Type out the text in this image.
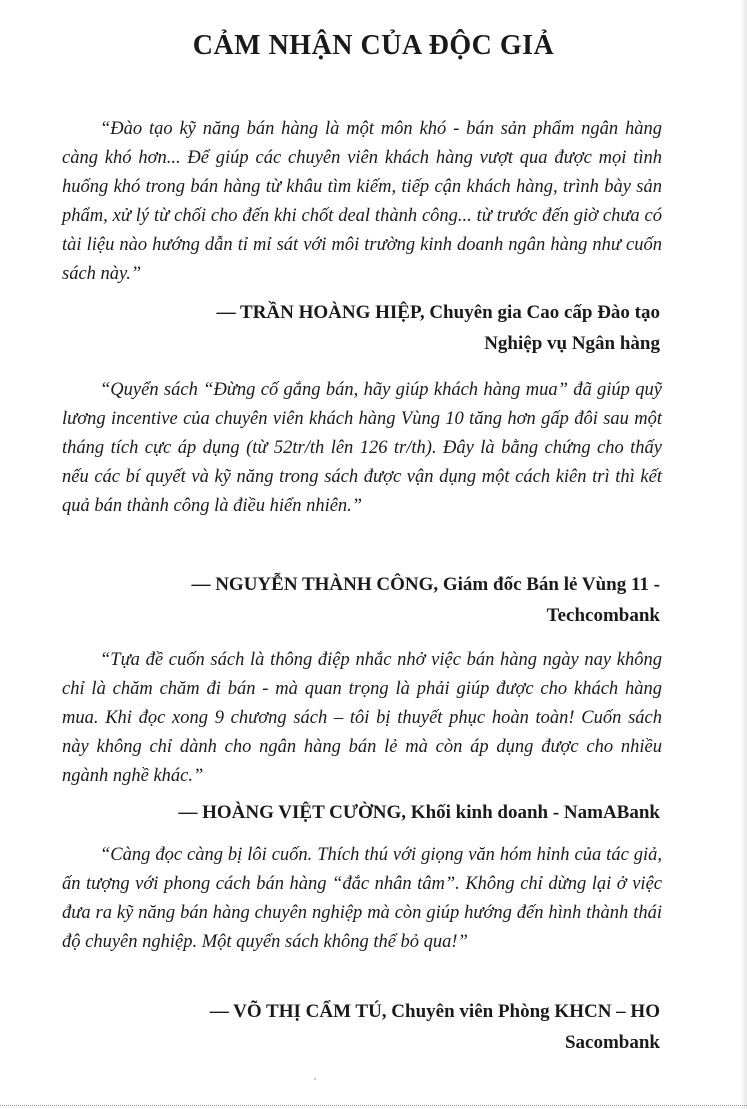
CẢM NHẬN CỦA ĐỘC GIẢ

“Đào tạo kỹ năng bán hàng là một môn khó - bán sản phẩm ngân hàng càng khó hơn... Để giúp các chuyên viên khách hàng vượt qua được mọi tình huống khó trong bán hàng từ khâu tìm kiếm, tiếp cận khách hàng, trình bày sản phẩm, xử lý từ chối cho đến khi chốt deal thành công... từ trước đến giờ chưa có tài liệu nào hướng dẫn tỉ mỉ sát với môi trường kinh doanh ngân hàng như cuốn sách này.”

— TRẦN HOÀNG HIỆP, Chuyên gia Cao cấp Đào tạo
Nghiệp vụ Ngân hàng

“Quyển sách “Đừng cố gắng bán, hãy giúp khách hàng mua” đã giúp quỹ lương incentive của chuyên viên khách hàng Vùng 10 tăng hơn gấp đôi sau một tháng tích cực áp dụng (từ 52tr/th lên 126 tr/th). Đây là bằng chứng cho thấy nếu các bí quyết và kỹ năng trong sách được vận dụng một cách kiên trì thì kết quả bán thành công là điều hiển nhiên.”

— NGUYỄN THÀNH CÔNG, Giám đốc Bán lẻ Vùng 11 -
Techcombank

“Tựa đề cuốn sách là thông điệp nhắc nhở việc bán hàng ngày nay không chỉ là chăm chăm đi bán - mà quan trọng là phải giúp được cho khách hàng mua. Khi đọc xong 9 chương sách – tôi bị thuyết phục hoàn toàn! Cuốn sách này không chỉ dành cho ngân hàng bán lẻ mà còn áp dụng được cho nhiều ngành nghề khác.”

— HOÀNG VIỆT CƯỜNG, Khối kinh doanh - NamABank

“Càng đọc càng bị lôi cuốn. Thích thú với giọng văn hóm hỉnh của tác giả, ấn tượng với phong cách bán hàng “đắc nhân tâm”. Không chỉ dừng lại ở việc đưa ra kỹ năng bán hàng chuyên nghiệp mà còn giúp hướng đến hình thành thái độ chuyên nghiệp. Một quyển sách không thể bỏ qua!”

— VÕ THỊ CẨM TÚ, Chuyên viên Phòng KHCN – HO
Sacombank
